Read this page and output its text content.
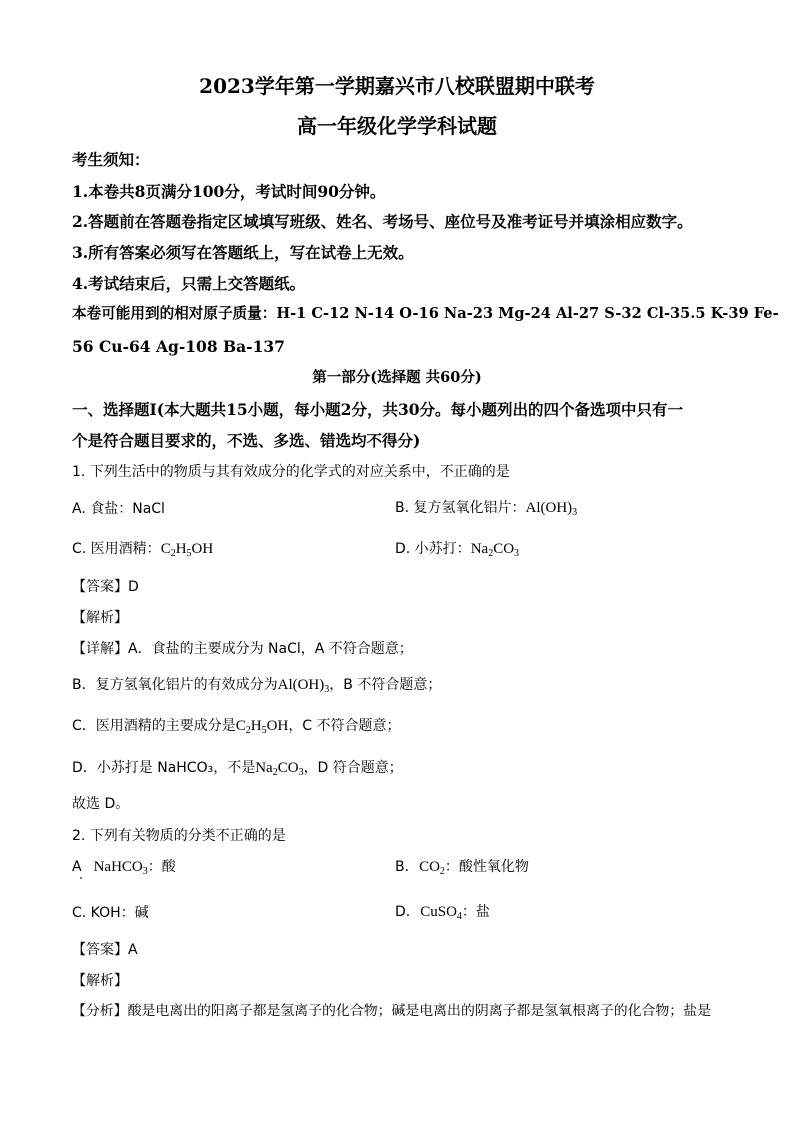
2023学年第一学期嘉兴市八校联盟期中联考
高一年级化学学科试题
考生须知：
1.本卷共8页满分100分，考试时间90分钟。
2.答题前在答题卷指定区域填写班级、姓名、考场号、座位号及准考证号并填涂相应数字。
3.所有答案必须写在答题纸上，写在试卷上无效。
4.考试结束后，只需上交答题纸。
本卷可能用到的相对原子质量：H-1 C-12 N-14 O-16 Na-23 Mg-24 Al-27 S-32 Cl-35.5 K-39 Fe-
56 Cu-64 Ag-108 Ba-137
第一部分(选择题 共60分)
一、选择题I(本大题共15小题，每小题2分，共30分。每小题列出的四个备选项中只有一
个是符合题目要求的，不选、多选、错选均不得分)
1. 下列生活中的物质与其有效成分的化学式的对应关系中，不正确的是
A. 食盐：NaCl	B. 复方氢氧化铝片：$Al(OH)_3$
C. 医用酒精：$C_2H_5OH$	D. 小苏打：$Na_2CO_3$
【答案】D
【解析】
【详解】A．食盐的主要成分为 NaCl，A 不符合题意；
B．复方氢氧化铝片的有效成分为$Al(OH)_3$，B 不符合题意；
C．医用酒精的主要成分是$C_2H_5OH$，C 不符合题意；
D．小苏打是 NaHCO₃，不是$Na_2CO_3$，D 符合题意；
故选 D。
2. 下列有关物质的分类不正确的是
A NaHCO$_3$：酸	B. $CO_2$：酸性氧化物
C. KOH：碱	D. CuSO$_4$：盐
【答案】A
【解析】
【分析】酸是电离出的阳离子都是氢离子的化合物；碱是电离出的阴离子都是氢氧根离子的化合物；盐是
